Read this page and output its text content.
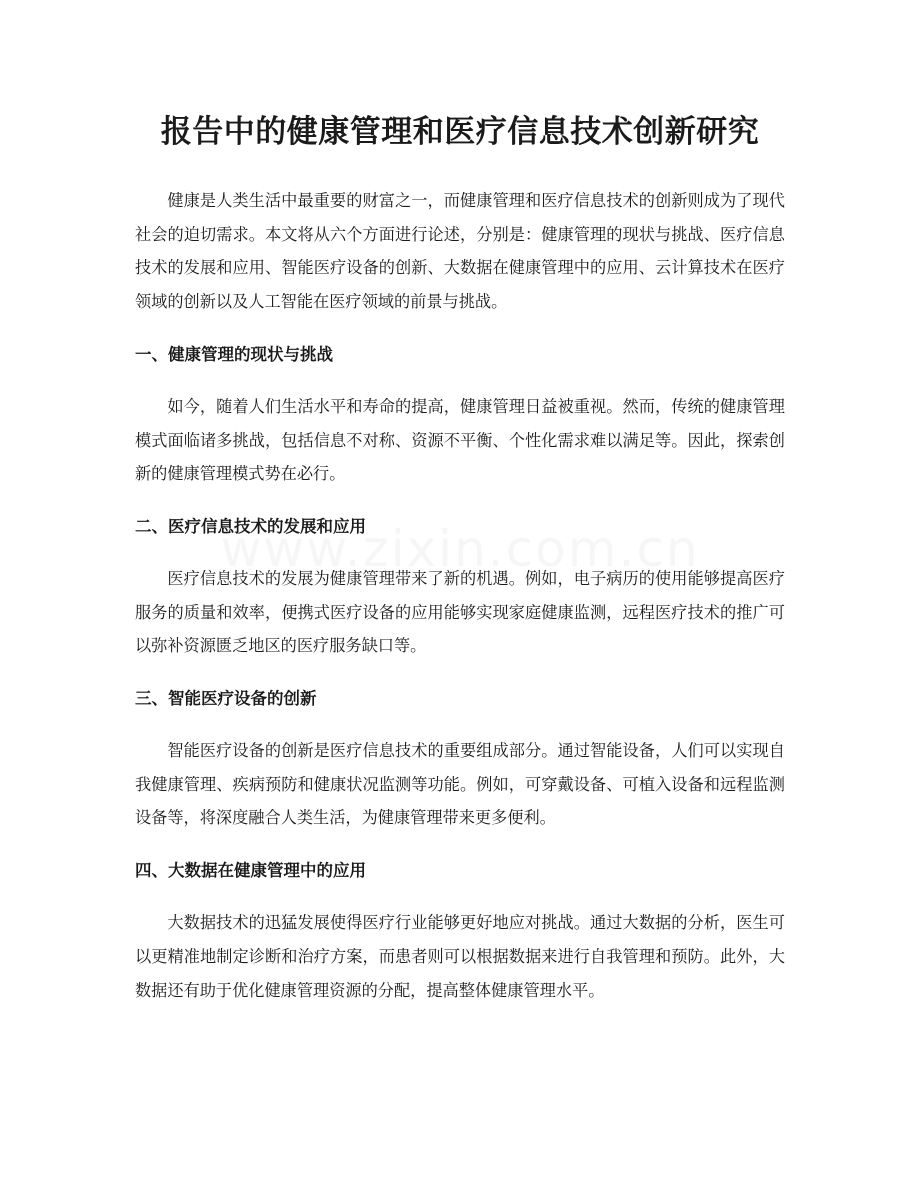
报告中的健康管理和医疗信息技术创新研究

健康是人类生活中最重要的财富之一，而健康管理和医疗信息技术的创新则成为了现代社会的迫切需求。本文将从六个方面进行论述，分别是：健康管理的现状与挑战、医疗信息技术的发展和应用、智能医疗设备的创新、大数据在健康管理中的应用、云计算技术在医疗领域的创新以及人工智能在医疗领域的前景与挑战。

一、健康管理的现状与挑战

如今，随着人们生活水平和寿命的提高，健康管理日益被重视。然而，传统的健康管理模式面临诸多挑战，包括信息不对称、资源不平衡、个性化需求难以满足等。因此，探索创新的健康管理模式势在必行。

二、医疗信息技术的发展和应用

医疗信息技术的发展为健康管理带来了新的机遇。例如，电子病历的使用能够提高医疗服务的质量和效率，便携式医疗设备的应用能够实现家庭健康监测，远程医疗技术的推广可以弥补资源匮乏地区的医疗服务缺口等。

三、智能医疗设备的创新

智能医疗设备的创新是医疗信息技术的重要组成部分。通过智能设备，人们可以实现自我健康管理、疾病预防和健康状况监测等功能。例如，可穿戴设备、可植入设备和远程监测设备等，将深度融合人类生活，为健康管理带来更多便利。

四、大数据在健康管理中的应用

大数据技术的迅猛发展使得医疗行业能够更好地应对挑战。通过大数据的分析，医生可以更精准地制定诊断和治疗方案，而患者则可以根据数据来进行自我管理和预防。此外，大数据还有助于优化健康管理资源的分配，提高整体健康管理水平。
